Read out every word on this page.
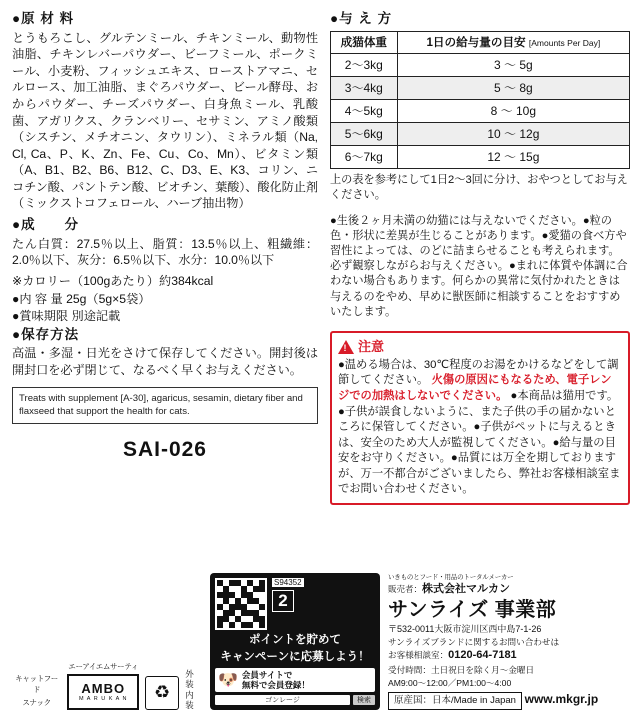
●原 材 料

とうもろこし、グルテンミール、チキンミール、動物性油脂、チキンレバーパウダー、ビーフミール、ポークミール、小麦粉、フィッシュエキス、ローストアマニ、セルロース、加工油脂、まぐろパウダー、ビール酵母、おからパウダー、チーズパウダー、白身魚ミール、乳酸菌、アガリクス、クランベリー、セサミン、アミノ酸類（シスチン、メチオニン、タウリン）、ミネラル類（Na, Cl, Ca、P、K、Zn、Fe、Cu、Co、Mn）、ビタミン類（A、B1、B2、B6、B12、C、D3、E、K3、コリン、ニコチン酸、パントテン酸、ビオチン、葉酸）、酸化防止剤（ミックストコフェロール、ハーブ抽出物）

●成　　分

たん白質：27.5％以上、脂質：13.5％以上、粗繊維：2.0％以下、灰分：6.5％以下、水分：10.0％以下

※カロリー（100gあたり）約384kcal

●内 容 量 25g（5g×5袋）

●賞味期限 別途記載

●保存方法

高温・多湿・日光をさけて保存してください。開封後は開封口を必ず閉じて、なるべく早くお与えください。

Treats with supplement [A-30], agaricus, sesamin, dietary fiber and flaxseed that support the health for cats.
SAI-026
●与 え 方
成猫体重	1日の給与量の目安 [Amounts Per Day]
2〜3kg	3 〜 5g
3〜4kg	5 〜 8g
4〜5kg	8 〜 10g
5〜6kg	10 〜 12g
6〜7kg	12 〜 15g

上の表を参考にして1日2〜3回に分け、おやつとしてお与えください。

●生後２ヶ月未満の幼猫には与えないでください。●粒の色・形状に差異が生じることがあります。●愛猫の食べ方や習性によっては、のどに詰まらせることも考えられます。必ず観察しながらお与えください。●まれに体質や体調に合わない場合もあります。何らかの異常に気付かれたときは与えるのをやめ、早めに獣医師に相談することをおすすめいたします。

!
注意
●温める場合は、30℃程度のお湯をかけるなどをして調節してください。 火傷の原因にもなるため、電子レンジでの加熱はしないでください。 ●本商品は猫用です。●子供が誤食しないように、また子供の手の届かないところに保管してください。●子供がペットに与えるときは、安全のため大人が監視してください。●給与量の目安をお守りください。●品質には万全を期しておりますが、万一不都合がございましたら、弊社お客様相談室までお問い合わせください。
キャットフード
スナック
エーアイエムサーティ
AMBO
M A R U K A N ♻
外装
内装
S94352
2
ポイントを貯めて
キャンペーンに応募しよう！
🐶 会員サイトで
無料で会員登録！
ゴンレージ	検索
いきものとフード・用品のトータルメーカー
販売者：株式会社マルカン
サンライズ 事業部
〒532-0011大阪市淀川区西中島7-1-26
サンライズブランドに関するお問い合わせは
お客様相談室：0120-64-7181
受付時間：土日祝日を除く月〜金曜日
AM9:00〜12:00／PM1:00〜4:00
原産国：日本/Made in Japan www.mkgr.jp
